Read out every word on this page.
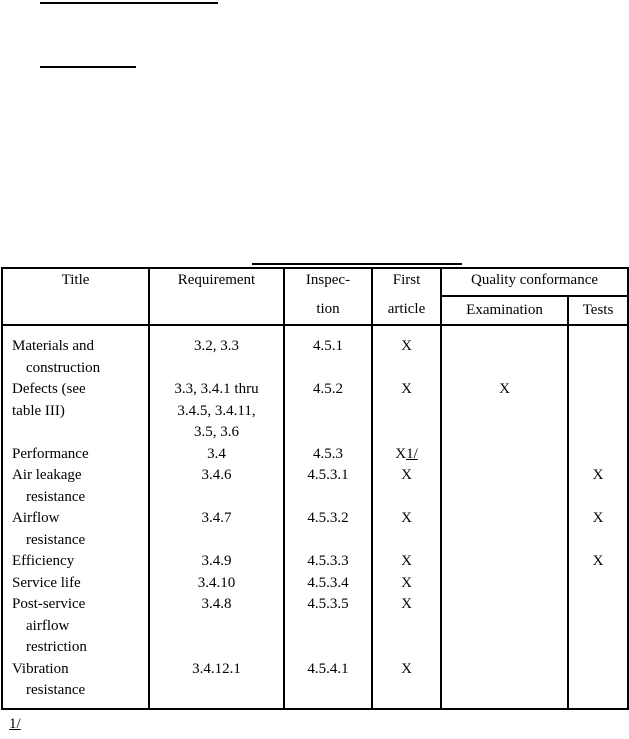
Title	Requirement	Inspec-	First	Quality conformance	
		tion	article	Examination	Tests
Materials and
construction	3.2, 3.3	4.5.1	X		

Defects (see
table III)	3.3, 3.4.1 thru
3.4.5, 3.4.11,
3.5, 3.6	4.5.2	X	X	
Performance	3.4	4.5.3	X1/		
Air leakage
resistance	3.4.6	4.5.3.1	X		X
Airflow
resistance	3.4.7	4.5.3.2	X		X
Efficiency	3.4.9	4.5.3.3	X		X
Service life	3.4.10	4.5.3.4	X		
Post-service
airflow
restriction	3.4.8	4.5.3.5	X		
Vibration
resistance	3.4.12.1	4.5.4.1	X		
1/
